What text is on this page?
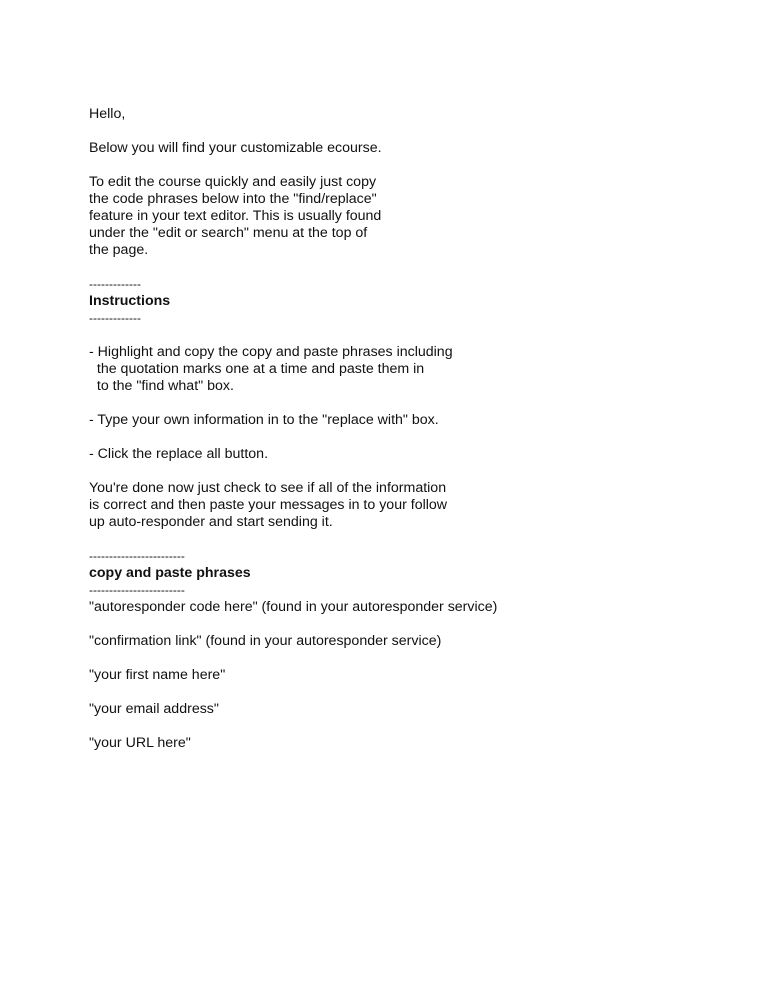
Hello,
Below you will find your customizable ecourse.
To edit the course quickly and easily just copy
the code phrases below into the "find/replace"
feature in your text editor. This is usually found
under the "edit or search" menu at the top of
the page.
-------------
Instructions
-------------
- Highlight and copy the copy and paste phrases including
the quotation marks one at a time and paste them in
to the "find what" box.
- Type your own information in to the "replace with" box.
- Click the replace all button.
You're done now just check to see if all of the information
is correct and then paste your messages in to your follow
up auto-responder and start sending it.
------------------------
copy and paste phrases
------------------------
"autoresponder code here" (found in your autoresponder service)
"confirmation link" (found in your autoresponder service)
"your first name here"
"your email address"
"your URL here"
